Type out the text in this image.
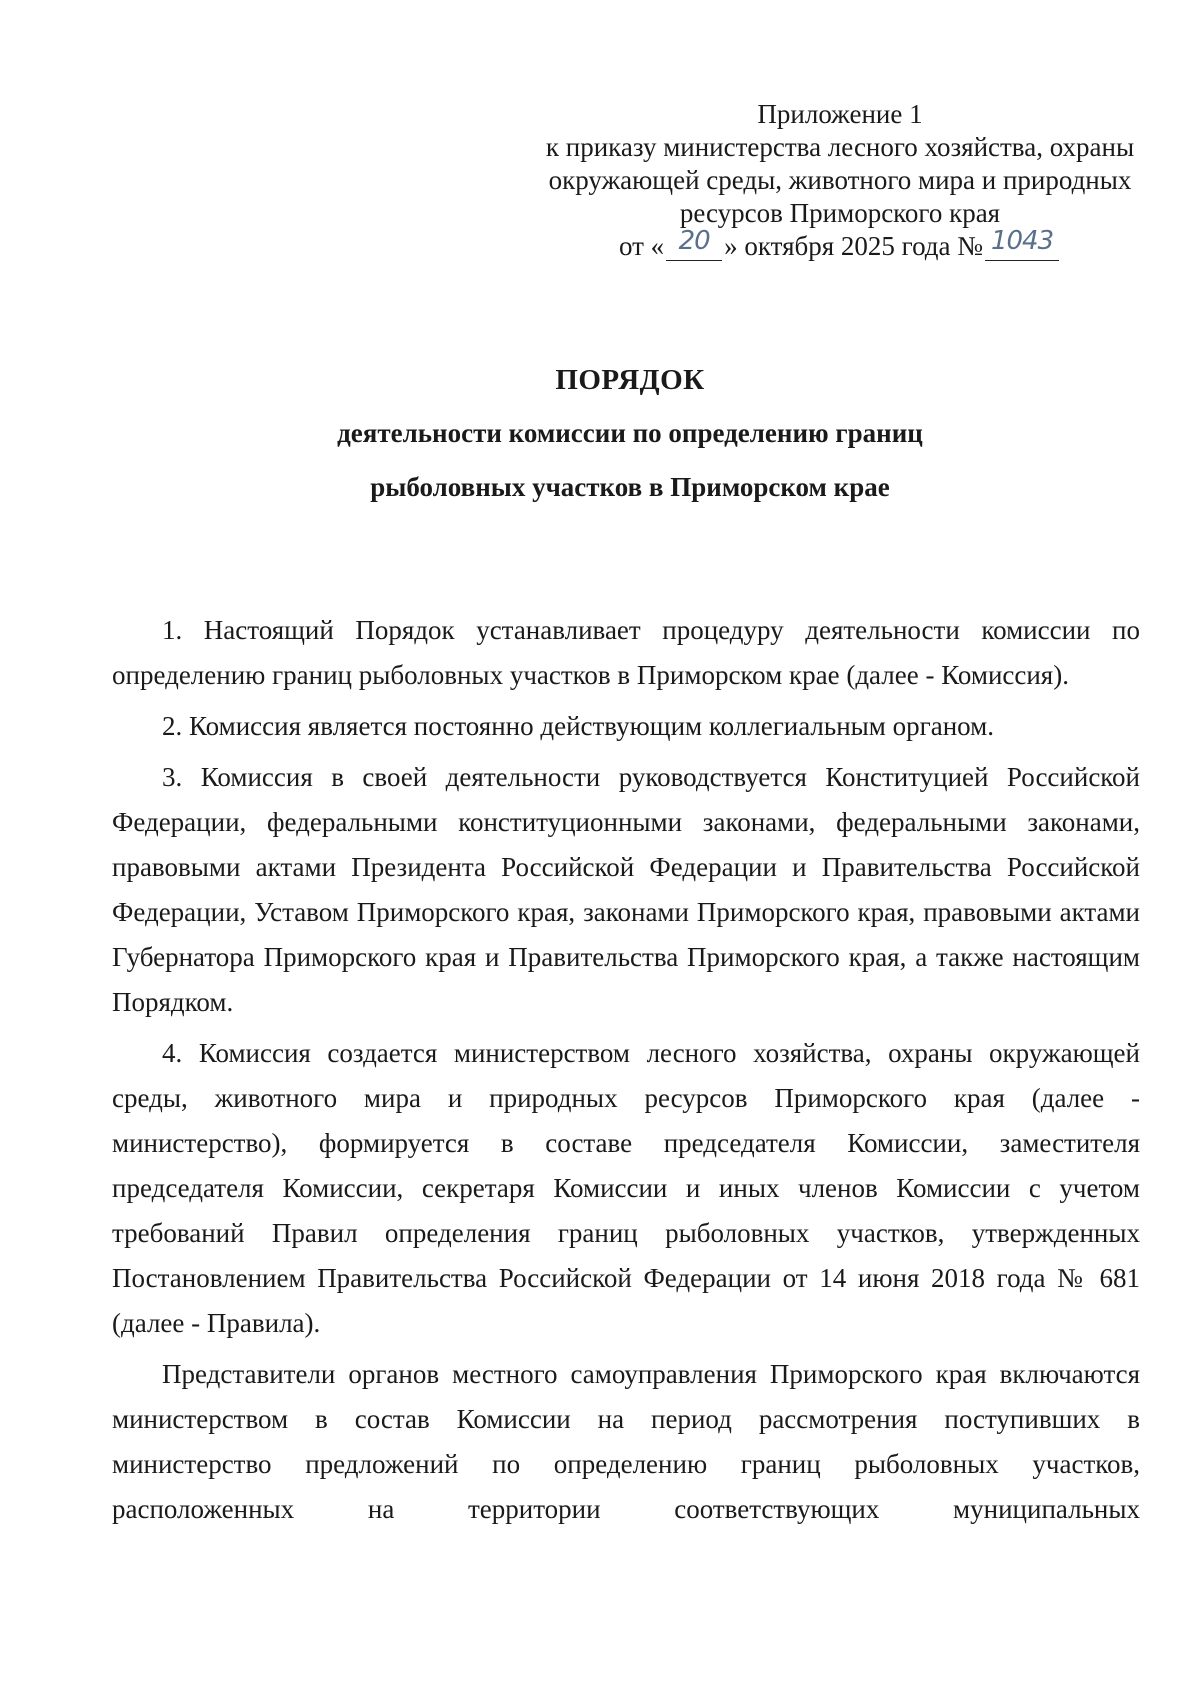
Приложение 1
к приказу министерства лесного хозяйства, охраны
окружающей среды, животного мира и природных
ресурсов Приморского края
от « 20 » октября 2025 года № 1043
ПОРЯДОК
деятельности комиссии по определению границ
рыболовных участков в Приморском крае

1. Настоящий Порядок устанавливает процедуру деятельности комиссии по определению границ рыболовных участков в Приморском крае (далее - Комиссия).

2. Комиссия является постоянно действующим коллегиальным органом.

3. Комиссия в своей деятельности руководствуется Конституцией Российской Федерации, федеральными конституционными законами, федеральными законами, правовыми актами Президента Российской Федерации и Правительства Российской Федерации, Уставом Приморского края, законами Приморского края, правовыми актами Губернатора Приморского края и Правительства Приморского края, а также настоящим Порядком.

4. Комиссия создается министерством лесного хозяйства, охраны окружающей среды, животного мира и природных ресурсов Приморского края (далее - министерство), формируется в составе председателя Комиссии, заместителя председателя Комиссии, секретаря Комиссии и иных членов Комиссии с учетом требований Правил определения границ рыболовных участков, утвержденных Постановлением Правительства Российской Федерации от 14 июня 2018 года № 681 (далее - Правила).

Представители органов местного самоуправления Приморского края включаются министерством в состав Комиссии на период рассмотрения поступивших в министерство предложений по определению границ рыболовных участков, расположенных на территории соответствующих муниципальных
